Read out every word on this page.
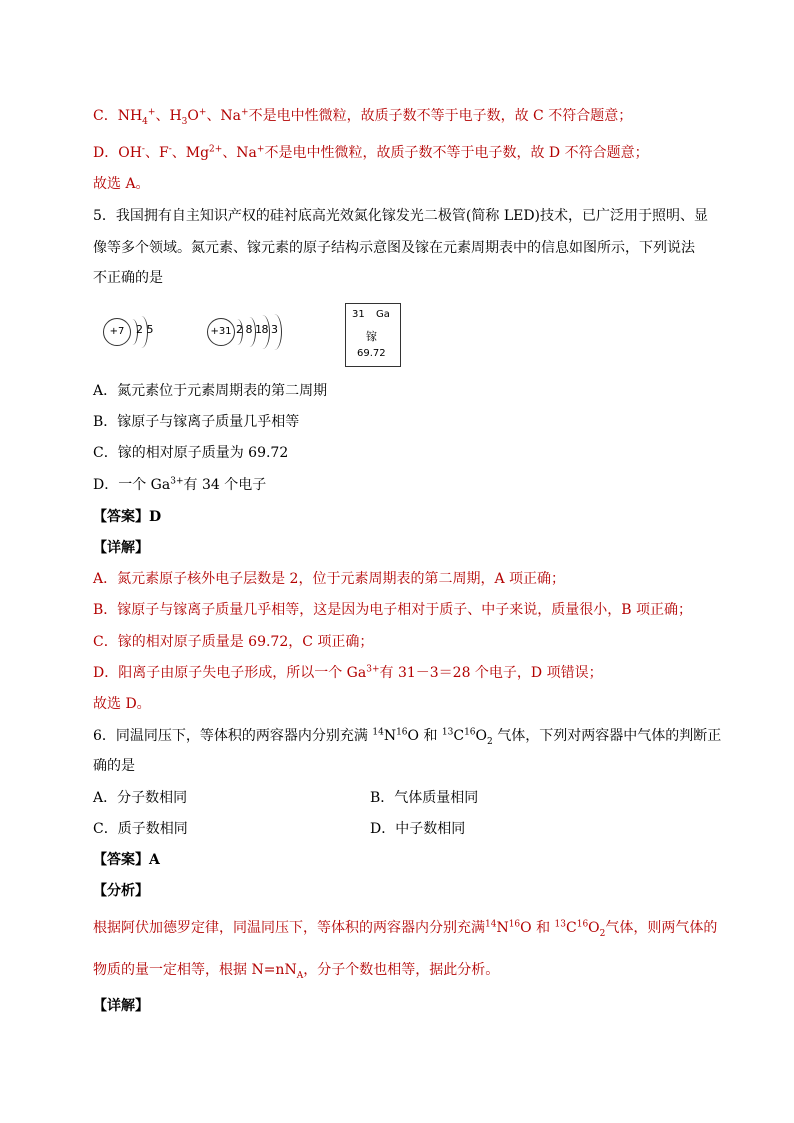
C．$NH_4^+$、$H_3O^+$、Na+不是电中性微粒，故质子数不等于电子数，故 C 不符合题意；
D．OH-、F-、$Mg^{2+}$、Na+不是电中性微粒，故质子数不等于电子数，故 D 不符合题意；
故选 A。
5．我国拥有自主知识产权的硅衬底高光效氮化镓发光二极管(简称 LED)技术，已广泛用于照明、显
像等多个领域。氮元素、镓元素的原子结构示意图及镓在元素周期表中的信息如图所示，下列说法
不正确的是
+7	2 5	+31 2 8 18 3
31 Ga
镓
69.72
A．氮元素位于元素周期表的第二周期
B．镓原子与镓离子质量几乎相等
C．镓的相对原子质量为 69.72
D．一个 $Ga^{3+}$有 34 个电子
【答案】D
【详解】
A．氮元素原子核外电子层数是 2，位于元素周期表的第二周期，A 项正确；
B．镓原子与镓离子质量几乎相等，这是因为电子相对于质子、中子来说，质量很小，B 项正确；
C．镓的相对原子质量是 69.72，C 项正确；
D．阳离子由原子失电子形成，所以一个 $Ga^{3+}$有 31－3＝28 个电子，D 项错误；
故选 D。
6．同温同压下，等体积的两容器内分别充满 $^{14}N^{16}O$ 和 $^{13}C^{16}O_2$ 气体，下列对两容器中气体的判断正
确的是
A．分子数相同	B．气体质量相同
C．质子数相同	D．中子数相同
【答案】A
【分析】
根据阿伏加德罗定律，同温同压下，等体积的两容器内分别充满$^{14}N^{16}O$ 和 $^{13}C^{16}O_2$气体，则两气体的
物质的量一定相等，根据 $N=nN_A$，分子个数也相等，据此分析。
【详解】
